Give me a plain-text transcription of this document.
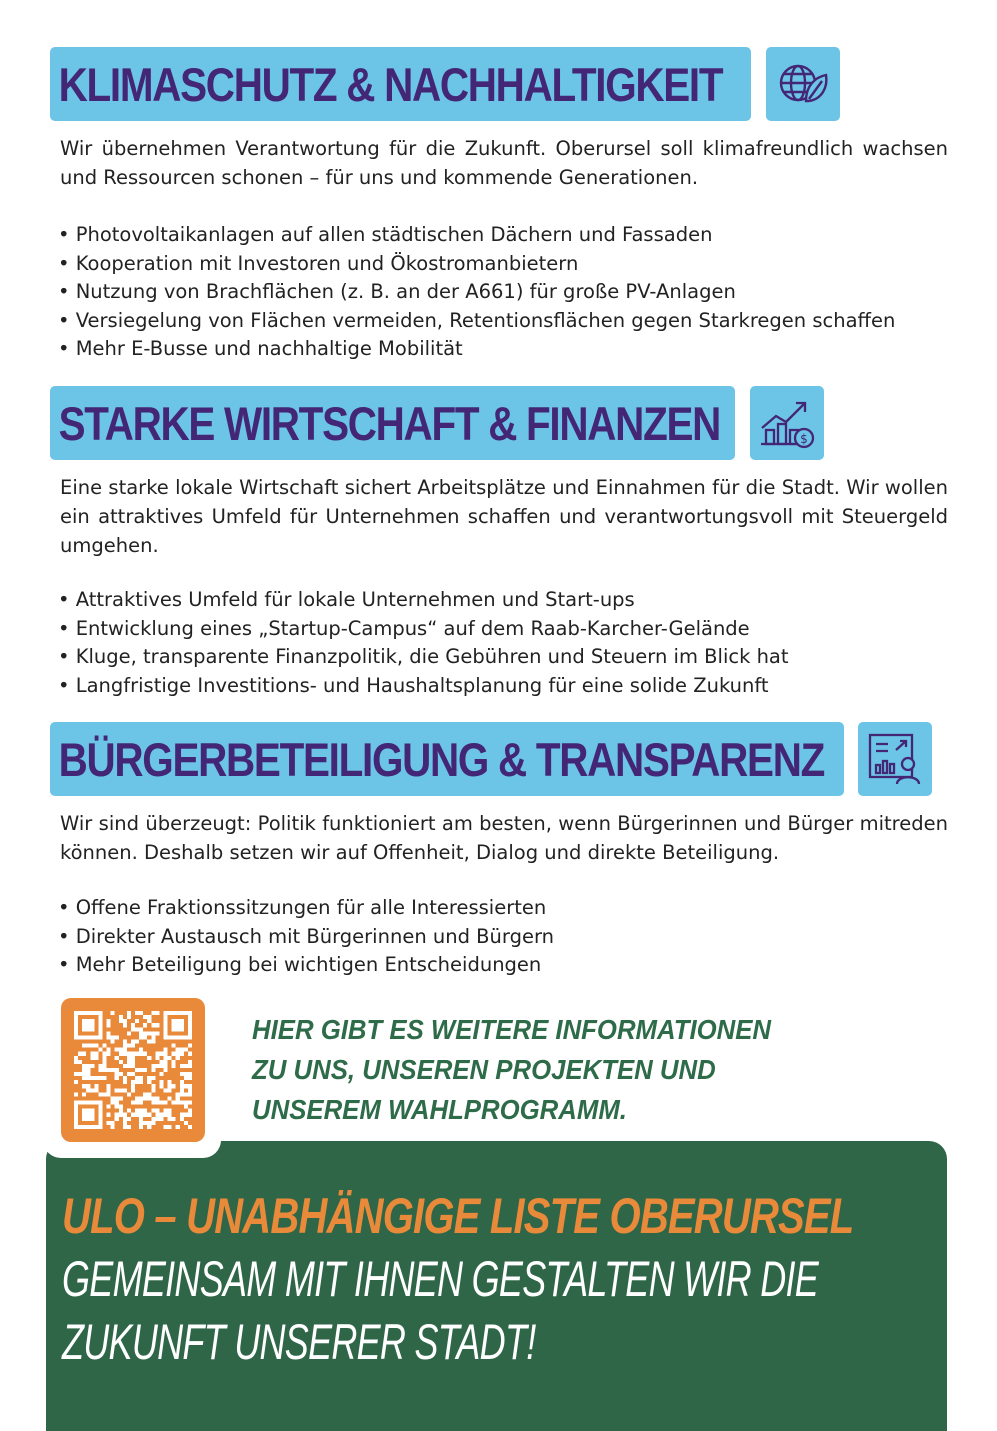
KLIMASCHUTZ & NACHHALTIGKEIT

Wir übernehmen Verantwortung für die Zukunft. Oberursel soll klimafreundlich wachsen und Ressourcen schonen – für uns und kommende Generationen.

• Photovoltaikanlagen auf allen städtischen Dächern und Fassaden
• Kooperation mit Investoren und Ökostromanbietern
• Nutzung von Brachflächen (z. B. an der A661) für große PV-Anlagen
• Versiegelung von Flächen vermeiden, Retentionsflächen gegen Starkregen schaffen
• Mehr E-Busse und nachhaltige Mobilität
STARKE WIRTSCHAFT & FINANZEN	$

Eine starke lokale Wirtschaft sichert Arbeitsplätze und Einnahmen für die Stadt. Wir wollen ein attraktives Umfeld für Unternehmen schaffen und verantwortungsvoll mit Steuergeld umgehen.

• Attraktives Umfeld für lokale Unternehmen und Start-ups
• Entwicklung eines „Startup-Campus“ auf dem Raab-Karcher-Gelände
• Kluge, transparente Finanzpolitik, die Gebühren und Steuern im Blick hat
• Langfristige Investitions- und Haushaltsplanung für eine solide Zukunft
BÜRGERBETEILIGUNG & TRANSPARENZ

Wir sind überzeugt: Politik funktioniert am besten, wenn Bürgerinnen und Bürger mitreden können. Deshalb setzen wir auf Offenheit, Dialog und direkte Beteiligung.

• Offene Fraktionssitzungen für alle Interessierten
• Direkter Austausch mit Bürgerinnen und Bürgern
• Mehr Beteiligung bei wichtigen Entscheidungen
ULO – UNABHÄNGIGE LISTE OBERURSEL
GEMEINSAM MIT IHNEN GESTALTEN WIR DIE
ZUKUNFT UNSERER STADT!
HIER GIBT ES WEITERE INFORMATIONEN
ZU UNS, UNSEREN PROJEKTEN UND
UNSEREM WAHLPROGRAMM.
